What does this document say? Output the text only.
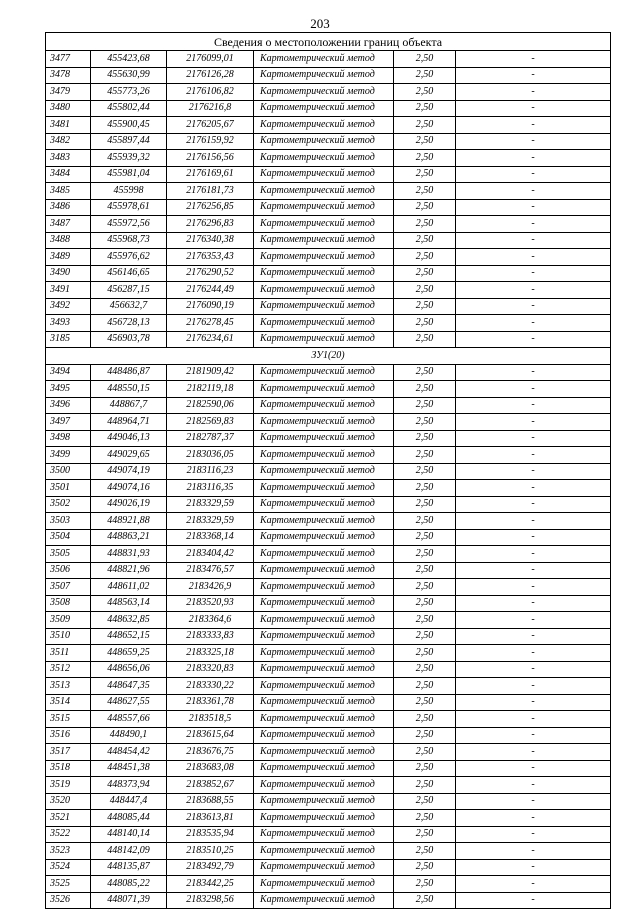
203
Сведения о местоположении границ объекта					
3477	455423,68	2176099,01	Картометрический метод	2,50	-
3478	455630,99	2176126,28	Картометрический метод	2,50	-
3479	455773,26	2176106,82	Картометрический метод	2,50	-
3480	455802,44	2176216,8	Картометрический метод	2,50	-
3481	455900,45	2176205,67	Картометрический метод	2,50	-
3482	455897,44	2176159,92	Картометрический метод	2,50	-
3483	455939,32	2176156,56	Картометрический метод	2,50	-
3484	455981,04	2176169,61	Картометрический метод	2,50	-
3485	455998	2176181,73	Картометрический метод	2,50	-
3486	455978,61	2176256,85	Картометрический метод	2,50	-
3487	455972,56	2176296,83	Картометрический метод	2,50	-
3488	455968,73	2176340,38	Картометрический метод	2,50	-
3489	455976,62	2176353,43	Картометрический метод	2,50	-
3490	456146,65	2176290,52	Картометрический метод	2,50	-
3491	456287,15	2176244,49	Картометрический метод	2,50	-
3492	456632,7	2176090,19	Картометрический метод	2,50	-
3493	456728,13	2176278,45	Картометрический метод	2,50	-
3185	456903,78	2176234,61	Картометрический метод	2,50	-
ЗУ1(20)					
3494	448486,87	2181909,42	Картометрический метод	2,50	-
3495	448550,15	2182119,18	Картометрический метод	2,50	-
3496	448867,7	2182590,06	Картометрический метод	2,50	-
3497	448964,71	2182569,83	Картометрический метод	2,50	-
3498	449046,13	2182787,37	Картометрический метод	2,50	-
3499	449029,65	2183036,05	Картометрический метод	2,50	-
3500	449074,19	2183116,23	Картометрический метод	2,50	-
3501	449074,16	2183116,35	Картометрический метод	2,50	-
3502	449026,19	2183329,59	Картометрический метод	2,50	-
3503	448921,88	2183329,59	Картометрический метод	2,50	-
3504	448863,21	2183368,14	Картометрический метод	2,50	-
3505	448831,93	2183404,42	Картометрический метод	2,50	-
3506	448821,96	2183476,57	Картометрический метод	2,50	-
3507	448611,02	2183426,9	Картометрический метод	2,50	-
3508	448563,14	2183520,93	Картометрический метод	2,50	-
3509	448632,85	2183364,6	Картометрический метод	2,50	-
3510	448652,15	2183333,83	Картометрический метод	2,50	-
3511	448659,25	2183325,18	Картометрический метод	2,50	-
3512	448656,06	2183320,83	Картометрический метод	2,50	-
3513	448647,35	2183330,22	Картометрический метод	2,50	-
3514	448627,55	2183361,78	Картометрический метод	2,50	-
3515	448557,66	2183518,5	Картометрический метод	2,50	-
3516	448490,1	2183615,64	Картометрический метод	2,50	-
3517	448454,42	2183676,75	Картометрический метод	2,50	-
3518	448451,38	2183683,08	Картометрический метод	2,50	-
3519	448373,94	2183852,67	Картометрический метод	2,50	-
3520	448447,4	2183688,55	Картометрический метод	2,50	-
3521	448085,44	2183613,81	Картометрический метод	2,50	-
3522	448140,14	2183535,94	Картометрический метод	2,50	-
3523	448142,09	2183510,25	Картометрический метод	2,50	-
3524	448135,87	2183492,79	Картометрический метод	2,50	-
3525	448085,22	2183442,25	Картометрический метод	2,50	-
3526	448071,39	2183298,56	Картометрический метод	2,50	-
